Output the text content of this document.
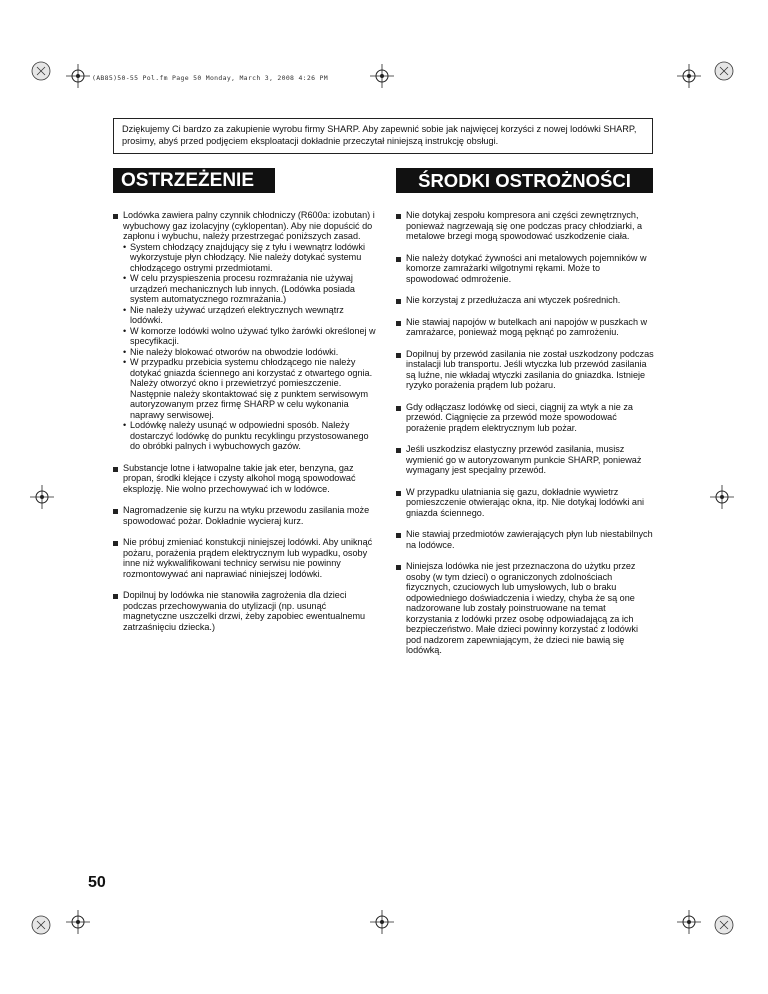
(AB85)50-55 Pol.fm Page 50 Monday, March 3, 2008 4:26 PM
Dziękujemy Ci bardzo za zakupienie wyrobu firmy SHARP. Aby zapewnić sobie jak najwięcej korzyści z nowej lodówki SHARP, prosimy, abyś przed podjęciem eksploatacji dokładnie przeczytał niniejszą instrukcję obsługi.
OSTRZEŻENIE	ŚRODKI OSTROŻNOŚCI
Lodówka zawiera palny czynnik chłodniczy (R600a: izobutan) i wybuchowy gaz izolacyjny (cyklopentan). Aby nie dopuścić do zapłonu i wybuchu, należy przestrzegać poniższych zasad.
• System chłodzący znajdujący się z tyłu i wewnątrz lodówki wykorzystuje płyn chłodzący. Nie należy dotykać systemu chłodzącego ostrymi przedmiotami.
• W celu przyspieszenia procesu rozmrażania nie używaj urządzeń mechanicznych lub innych. (Lodówka posiada system automatycznego rozmrażania.)
• Nie należy używać urządzeń elektrycznych wewnątrz lodówki.
• W komorze lodówki wolno używać tylko żarówki określonej w specyfikacji.
• Nie należy blokować otworów na obwodzie lodówki.
• W przypadku przebicia systemu chłodzącego nie należy dotykać gniazda ściennego ani korzystać z otwartego ognia. Należy otworzyć okno i przewietrzyć pomieszczenie. Następnie należy skontaktować się z punktem serwisowym autoryzowanym przez firmę SHARP w celu wykonania naprawy serwisowej.
• Lodówkę należy usunąć w odpowiedni sposób. Należy dostarczyć lodówkę do punktu recyklingu przystosowanego do obróbki palnych i wybuchowych gazów.
Substancje lotne i łatwopalne takie jak eter, benzyna, gaz propan, środki klejące i czysty alkohol mogą spowodować eksplozję. Nie wolno przechowywać ich w lodówce.
Nagromadzenie się kurzu na wtyku przewodu zasilania może spowodować pożar. Dokładnie wycieraj kurz.
Nie próbuj zmieniać konstukcji niniejszej lodówki. Aby uniknąć pożaru, porażenia prądem elektrycznym lub wypadku, osoby inne niż wykwalifikowani technicy serwisu nie powinny rozmontowywać ani naprawiać niniejszej lodówki.
Dopilnuj by lodówka nie stanowiła zagrożenia dla dzieci podczas przechowywania do utylizacji (np. usunąć magnetyczne uszczelki drzwi, żeby zapobiec ewentualnemu zatrzaśnięciu dziecka.)
Nie dotykaj zespołu kompresora ani części zewnętrznych, ponieważ nagrzewają się one podczas pracy chłodziarki, a metalowe brzegi mogą spowodować uszkodzenie ciała.
Nie należy dotykać żywności ani metalowych pojemników w komorze zamrażarki wilgotnymi rękami. Może to spowodować odmrożenie.
Nie korzystaj z przedłużacza ani wtyczek pośrednich.
Nie stawiaj napojów w butelkach ani napojów w puszkach w zamrażarce, ponieważ mogą pęknąć po zamrożeniu.
Dopilnuj by przewód zasilania nie został uszkodzony podczas instalacji lub transportu. Jeśli wtyczka lub przewód zasilania są luźne, nie wkładaj wtyczki zasilania do gniazdka. Istnieje ryzyko porażenia prądem lub pożaru.
Gdy odłączasz lodówkę od sieci, ciągnij za wtyk a nie za przewód. Ciągnięcie za przewód może spowodować porażenie prądem elektrycznym lub pożar.
Jeśli uszkodzisz elastyczny przewód zasilania, musisz wymienić go w autoryzowanym punkcie SHARP, ponieważ wymagany jest specjalny przewód.
W przypadku ulatniania się gazu, dokładnie wywietrz pomieszczenie otwierając okna, itp. Nie dotykaj lodówki ani gniazda ściennego.
Nie stawiaj przedmiotów zawierających płyn lub niestabilnych na lodówce.
Niniejsza lodówka nie jest przeznaczona do użytku przez osoby (w tym dzieci) o ograniczonych zdolnościach fizycznych, czuciowych lub umysłowych, lub o braku odpowiedniego doświadczenia i wiedzy, chyba że są one nadzorowane lub zostały poinstruowane na temat korzystania z lodówki przez osobę odpowiadającą za ich bezpieczeństwo. Małe dzieci powinny korzystać z lodówki pod nadzorem zapewniającym, że dzieci nie bawią się lodówką.
50
